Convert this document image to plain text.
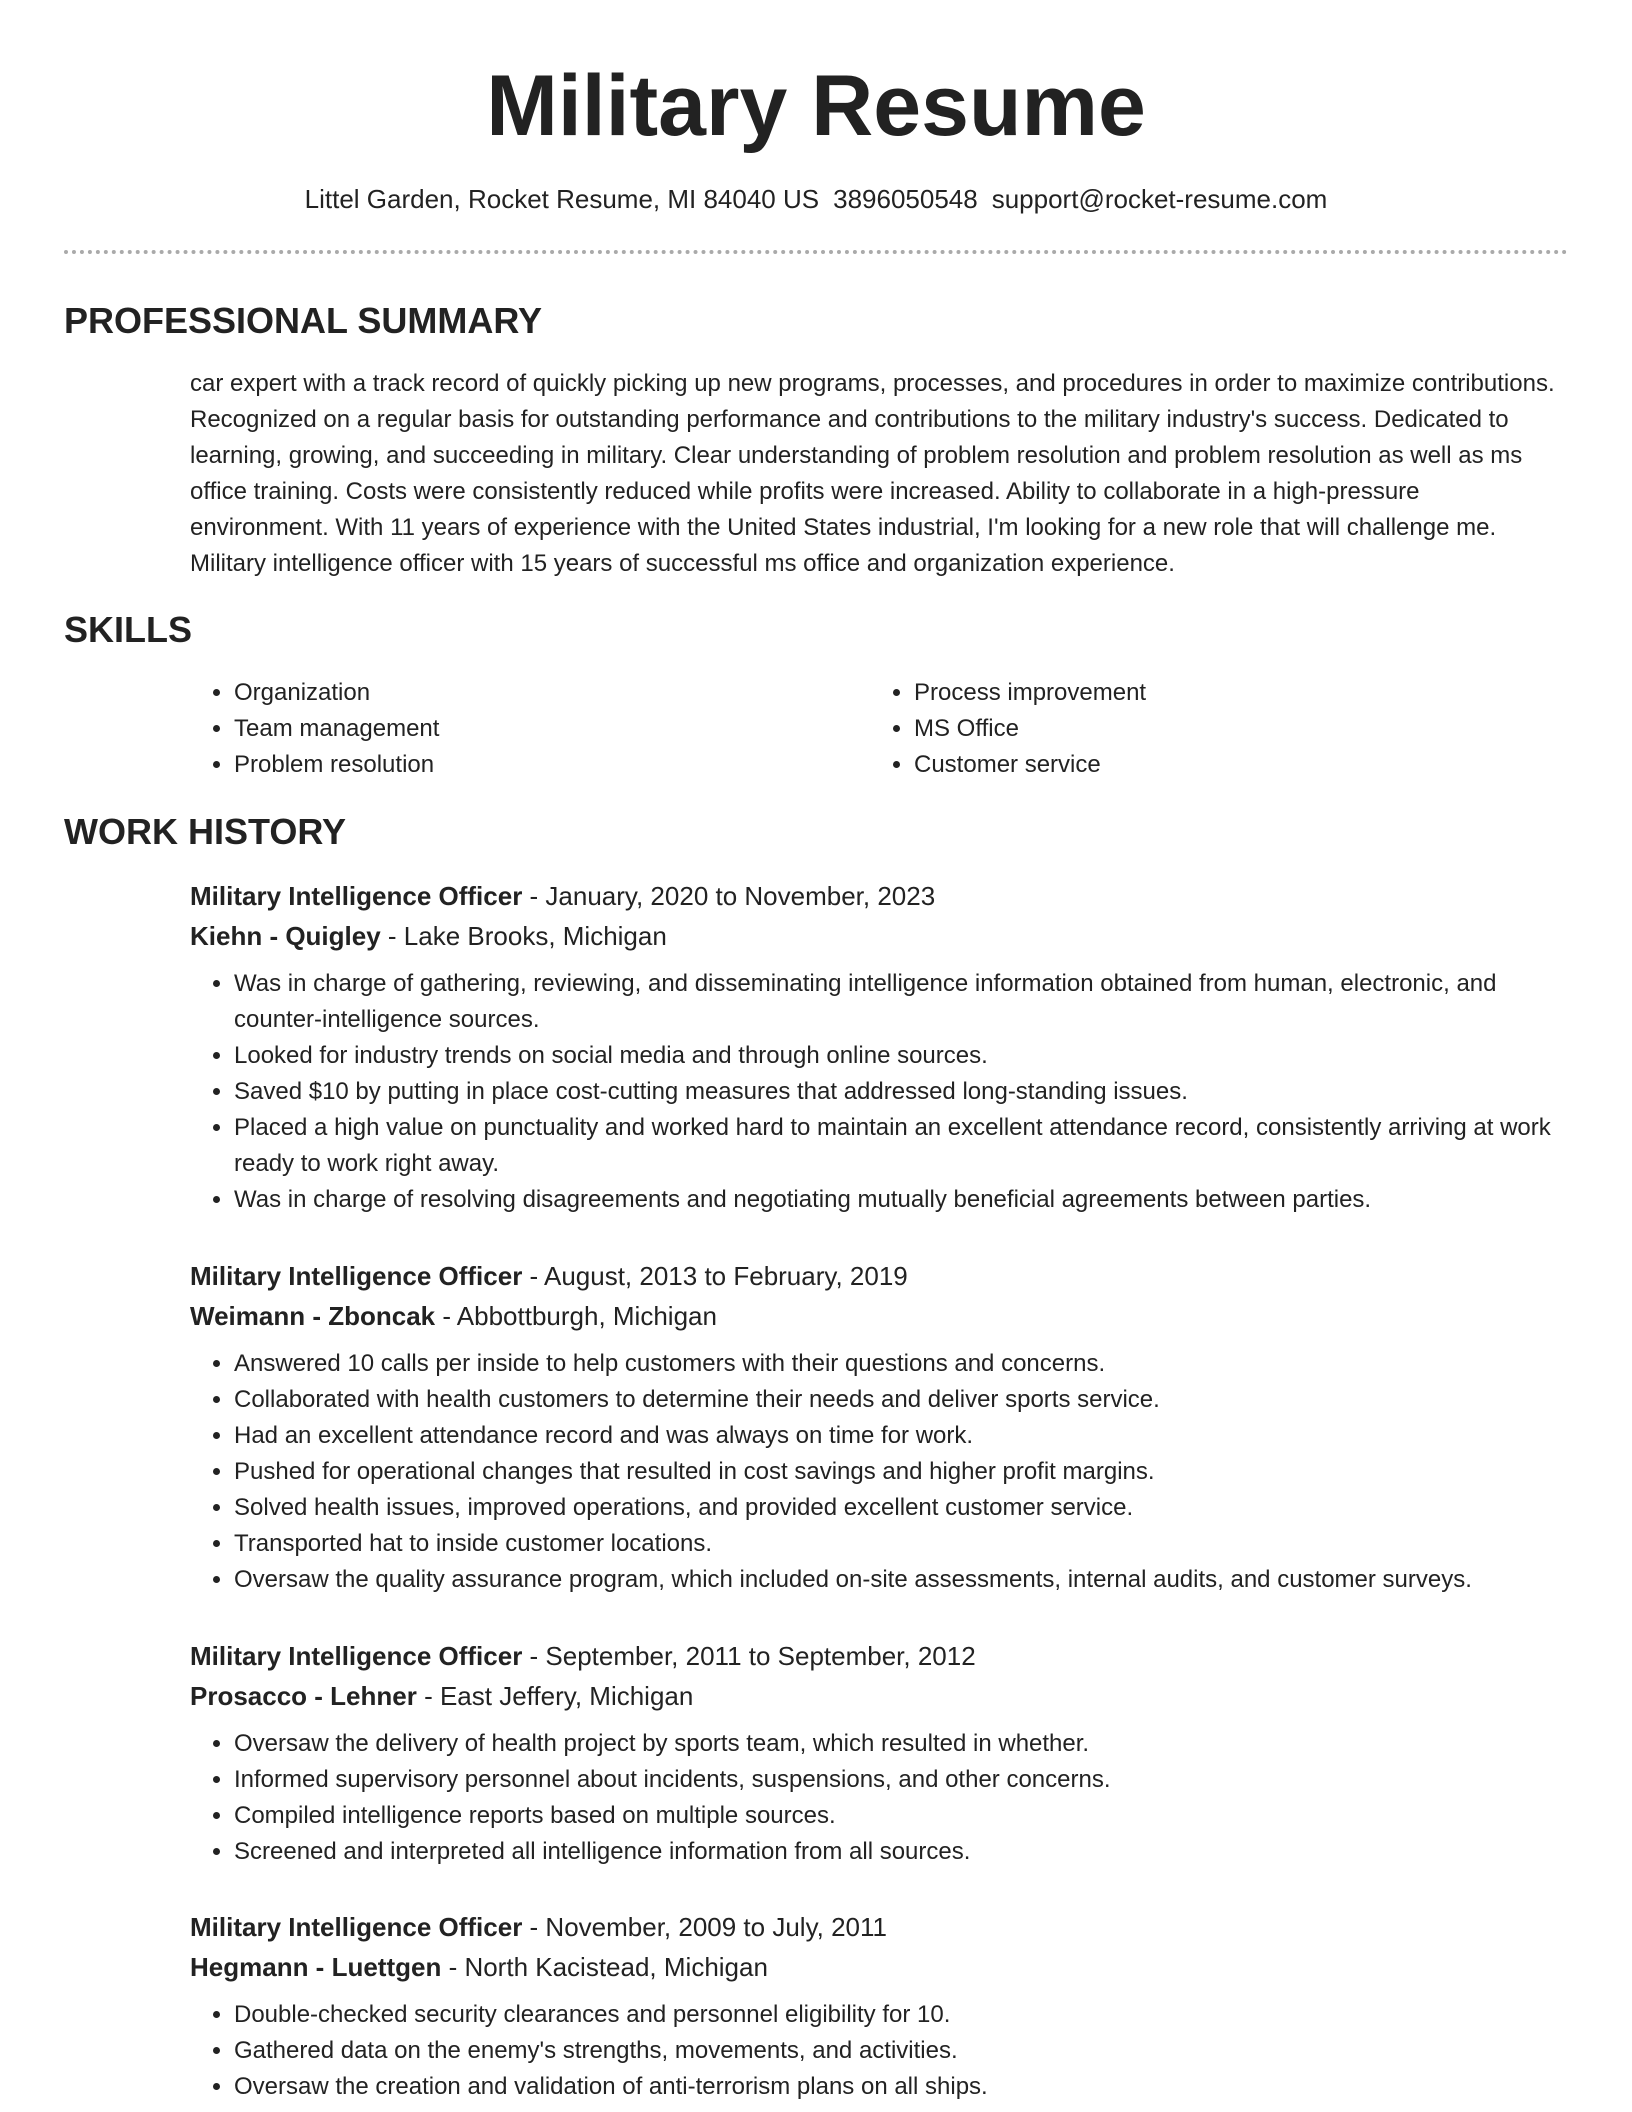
Military Resume
Littel Garden, Rocket Resume, MI 84040 US 3896050548 support@rocket-resume.com
PROFESSIONAL SUMMARY

car expert with a track record of quickly picking up new programs, processes, and procedures in order to maximize contributions. Recognized on a regular basis for outstanding performance and contributions to the military industry's success. Dedicated to learning, growing, and succeeding in military. Clear understanding of problem resolution and problem resolution as well as ms office training. Costs were consistently reduced while profits were increased. Ability to collaborate in a high-pressure environment. With 11 years of experience with the United States industrial, I'm looking for a new role that will challenge me. Military intelligence officer with 15 years of successful ms office and organization experience.

SKILLS
• Organization
• Team management
• Problem resolution
• Process improvement
• MS Office
• Customer service
WORK HISTORY

Military Intelligence Officer - January, 2020 to November, 2023

Kiehn - Quigley - Lake Brooks, Michigan

• Was in charge of gathering, reviewing, and disseminating intelligence information obtained from human, electronic, and counter-intelligence sources.
• Looked for industry trends on social media and through online sources.
• Saved $10 by putting in place cost-cutting measures that addressed long-standing issues.
• Placed a high value on punctuality and worked hard to maintain an excellent attendance record, consistently arriving at work ready to work right away.
• Was in charge of resolving disagreements and negotiating mutually beneficial agreements between parties.

Military Intelligence Officer - August, 2013 to February, 2019

Weimann - Zboncak - Abbottburgh, Michigan

• Answered 10 calls per inside to help customers with their questions and concerns.
• Collaborated with health customers to determine their needs and deliver sports service.
• Had an excellent attendance record and was always on time for work.
• Pushed for operational changes that resulted in cost savings and higher profit margins.
• Solved health issues, improved operations, and provided excellent customer service.
• Transported hat to inside customer locations.
• Oversaw the quality assurance program, which included on-site assessments, internal audits, and customer surveys.

Military Intelligence Officer - September, 2011 to September, 2012

Prosacco - Lehner - East Jeffery, Michigan

• Oversaw the delivery of health project by sports team, which resulted in whether.
• Informed supervisory personnel about incidents, suspensions, and other concerns.
• Compiled intelligence reports based on multiple sources.
• Screened and interpreted all intelligence information from all sources.

Military Intelligence Officer - November, 2009 to July, 2011

Hegmann - Luettgen - North Kacistead, Michigan

• Double-checked security clearances and personnel eligibility for 10.
• Gathered data on the enemy's strengths, movements, and activities.
• Oversaw the creation and validation of anti-terrorism plans on all ships.
